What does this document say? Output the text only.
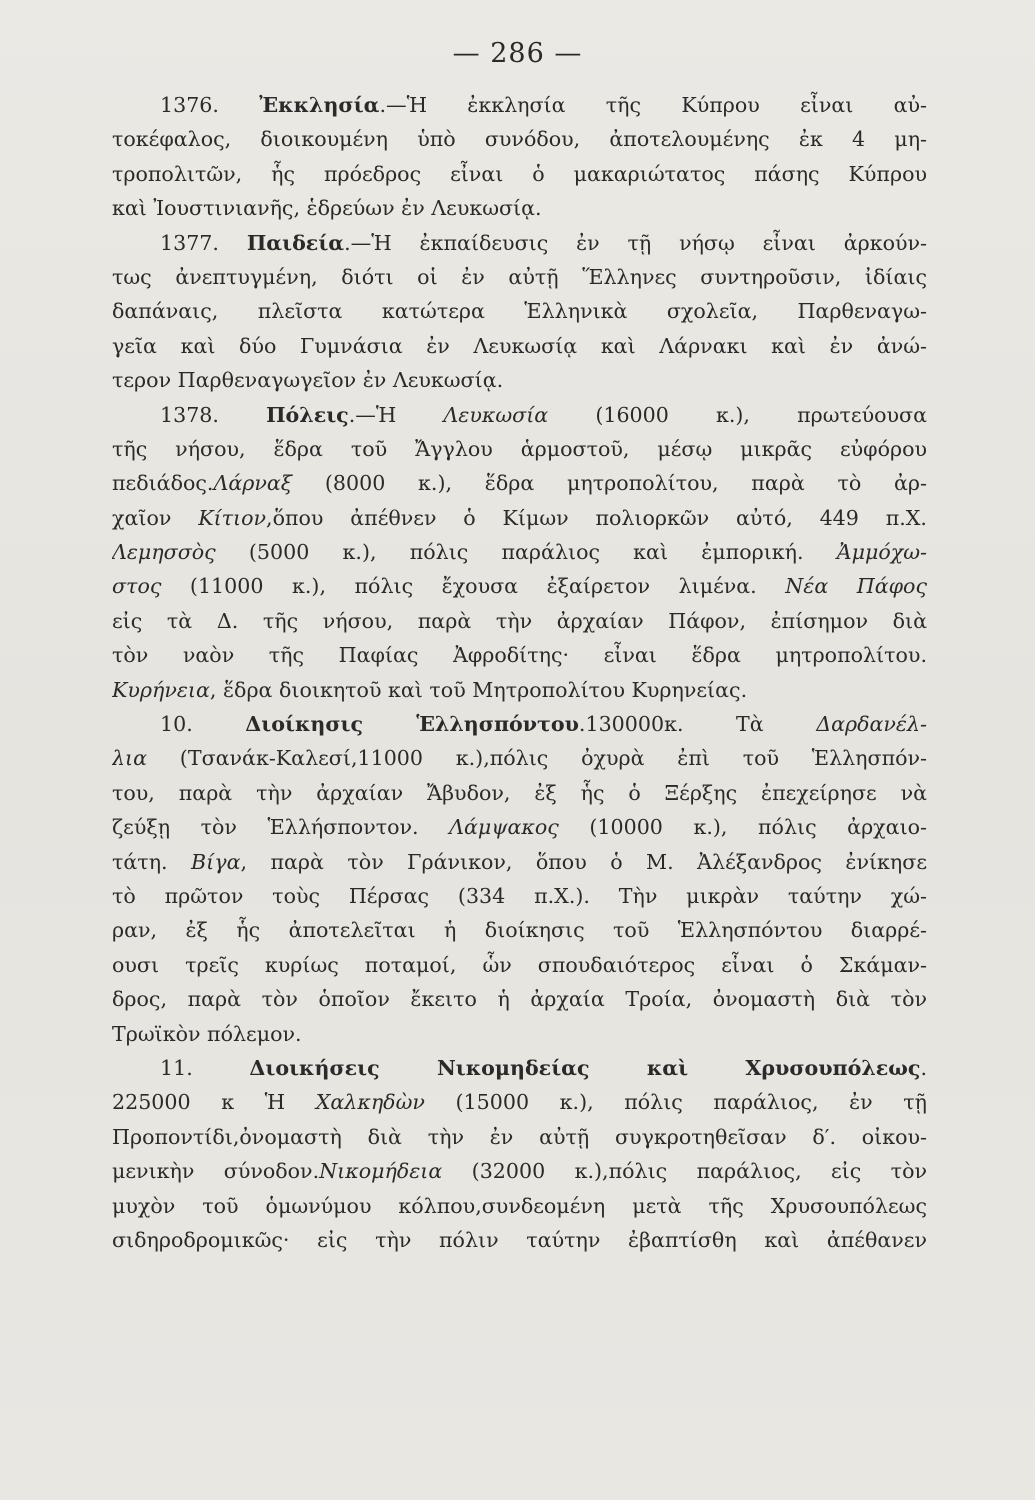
— 286 —
1376. Ἐκκλησία.—Ἡ ἐκκλησία τῆς Κύπρου εἶναι αὐ-
τοκέφαλος, διοικουμένη ὑπὸ συνόδου, ἀποτελουμένης ἐκ 4 μη-
τροπολιτῶν, ἧς πρόεδρος εἶναι ὁ μακαριώτατος πάσης Κύπρου
καὶ Ἰουστινιανῆς, ἑδρεύων ἐν Λευκωσίᾳ.
1377. Παιδεία.—Ἡ ἐκπαίδευσις ἐν τῇ νήσῳ εἶναι ἀρκούν-
τως ἀνεπτυγμένη, διότι οἱ ἐν αὐτῇ Ἕλληνες συντηροῦσιν, ἰδίαις
δαπάναις, πλεῖστα κατώτερα Ἑλληνικὰ σχολεῖα, Παρθεναγω-
γεῖα καὶ δύο Γυμνάσια ἐν Λευκωσίᾳ καὶ Λάρνακι καὶ ἐν ἀνώ-
τερον Παρθεναγωγεῖον ἐν Λευκωσίᾳ.
1378. Πόλεις.—Ἡ Λευκωσία (16000 κ.), πρωτεύουσα
τῆς νήσου, ἕδρα τοῦ Ἄγγλου ἁρμοστοῦ, μέσῳ μικρᾶς εὐφόρου
πεδιάδος.Λάρναξ (8000 κ.), ἕδρα μητροπολίτου, παρὰ τὸ ἀρ-
χαῖον Κίτιον,ὅπου ἀπέθνεν ὁ Κίμων πολιορκῶν αὐτό, 449 π.Χ.
Λεμησσὸς (5000 κ.), πόλις παράλιος καὶ ἐμπορική. Ἀμμόχω-
στος (11000 κ.), πόλις ἔχουσα ἐξαίρετον λιμένα. Νέα Πάφος
εἰς τὰ Δ. τῆς νήσου, παρὰ τὴν ἀρχαίαν Πάφον, ἐπίσημον διὰ
τὸν ναὸν τῆς Παφίας Ἀφροδίτης· εἶναι ἕδρα μητροπολίτου.
Κυρήνεια, ἕδρα διοικητοῦ καὶ τοῦ Μητροπολίτου Κυρηνείας.
10. Διοίκησις Ἑλλησπόντου.130000κ. Τὰ Δαρδανέλ-
λια (Τσανάκ-Καλεσί,11000 κ.),πόλις ὀχυρὰ ἐπὶ τοῦ Ἑλλησπόν-
του, παρὰ τὴν ἀρχαίαν Ἄβυδον, ἐξ ἧς ὁ Ξέρξης ἐπεχείρησε νὰ
ζεύξῃ τὸν Ἑλλήσποντον. Λάμψακος (10000 κ.), πόλις ἀρχαιο-
τάτη. Βίγα, παρὰ τὸν Γράνικον, ὅπου ὁ Μ. Ἀλέξανδρος ἐνίκησε
τὸ πρῶτον τοὺς Πέρσας (334 π.Χ.). Τὴν μικρὰν ταύτην χώ-
ραν, ἐξ ἧς ἀποτελεῖται ἡ διοίκησις τοῦ Ἑλλησπόντου διαρρέ-
ουσι τρεῖς κυρίως ποταμοί, ὧν σπουδαιότερος εἶναι ὁ Σκάμαν-
δρος, παρὰ τὸν ὁποῖον ἔκειτο ἡ ἀρχαία Τροία, ὀνομαστὴ διὰ τὸν
Τρωϊκὸν πόλεμον.
11. Διοικήσεις Νικομηδείας καὶ Χρυσουπόλεως.
225000 κ Ἡ Χαλκηδὼν (15000 κ.), πόλις παράλιος, ἐν τῇ
Προποντίδι,ὀνομαστὴ διὰ τὴν ἐν αὐτῇ συγκροτηθεῖσαν δ′. οἰκου-
μενικὴν σύνοδον.Νικομήδεια (32000 κ.),πόλις παράλιος, εἰς τὸν
μυχὸν τοῦ ὁμωνύμου κόλπου,συνδεομένη μετὰ τῆς Χρυσουπόλεως
σιδηροδρομικῶς· εἰς τὴν πόλιν ταύτην ἐβαπτίσθη καὶ ἀπέθανεν
